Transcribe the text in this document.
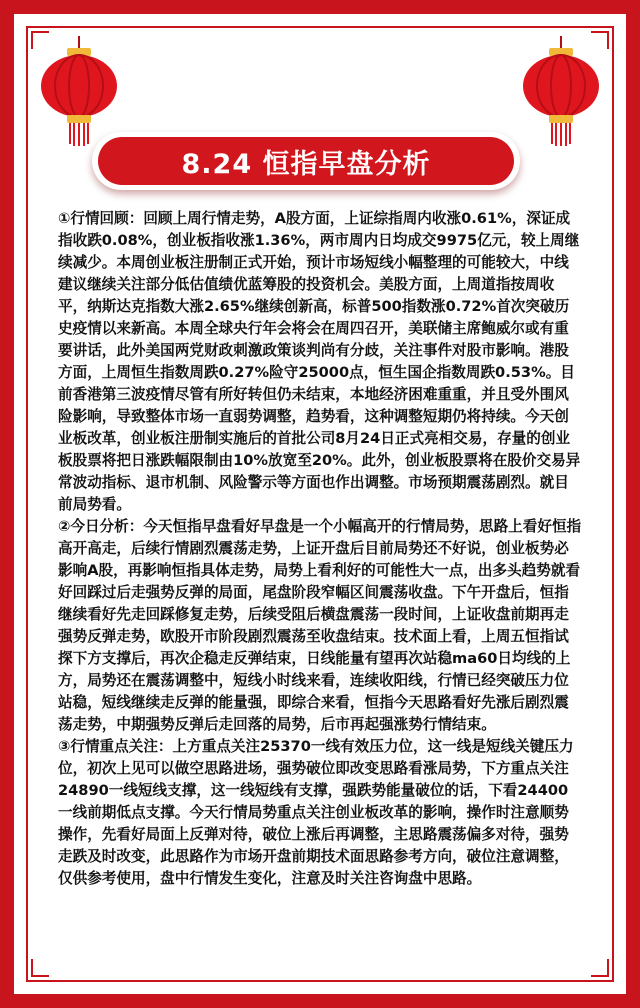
8.24 恒指早盘分析

①行情回顾：回顾上周行情走势，A股方面，上证综指周内收涨0.61%，深证成指收跌0.08%，创业板指收涨1.36%，两市周内日均成交9975亿元，较上周继续减少。本周创业板注册制正式开始，预计市场短线小幅整理的可能较大，中线建议继续关注部分低估值绩优蓝筹股的投资机会。美股方面，上周道指按周收平，纳斯达克指数大涨2.65%继续创新高，标普500指数涨0.72%首次突破历史疫情以来新高。本周全球央行年会将会在周四召开，美联储主席鲍威尔或有重要讲话，此外美国两党财政刺激政策谈判尚有分歧，关注事件对股市影响。港股方面，上周恒生指数周跌0.27%险守25000点，恒生国企指数周跌0.53%。目前香港第三波疫情尽管有所好转但仍未结束，本地经济困难重重，并且受外围风险影响，导致整体市场一直弱势调整，趋势看，这种调整短期仍将持续。今天创业板改革，创业板注册制实施后的首批公司8月24日正式亮相交易，存量的创业板股票将把日涨跌幅限制由10%放宽至20%。此外，创业板股票将在股价交易异常波动指标、退市机制、风险警示等方面也作出调整。市场预期震荡剧烈。就目前局势看。

②今日分析：今天恒指早盘看好早盘是一个小幅高开的行情局势，思路上看好恒指高开高走，后续行情剧烈震荡走势，上证开盘后目前局势还不好说，创业板势必影响A股，再影响恒指具体走势，局势上看利好的可能性大一点，出多头趋势就看好回踩过后走强势反弹的局面，尾盘阶段窄幅区间震荡收盘。下午开盘后，恒指继续看好先走回踩修复走势，后续受阻后横盘震荡一段时间，上证收盘前期再走强势反弹走势，欧股开市阶段剧烈震荡至收盘结束。技术面上看，上周五恒指试探下方支撑后，再次企稳走反弹结束，日线能量有望再次站稳ma60日均线的上方，局势还在震荡调整中，短线小时线来看，连续收阳线，行情已经突破压力位站稳，短线继续走反弹的能量强，即综合来看，恒指今天思路看好先涨后剧烈震荡走势，中期强势反弹后走回落的局势，后市再起强涨势行情结束。

③行情重点关注：上方重点关注25370一线有效压力位，这一线是短线关键压力位，初次上见可以做空思路进场，强势破位即改变思路看涨局势，下方重点关注24890一线短线支撑，这一线短线有支撑，强跌势能量破位的话，下看24400一线前期低点支撑。今天行情局势重点关注创业板改革的影响，操作时注意顺势操作，先看好局面上反弹对待，破位上涨后再调整，主思路震荡偏多对待，强势走跌及时改变，此思路作为市场开盘前期技术面思路参考方向，破位注意调整，仅供参考使用，盘中行情发生变化，注意及时关注咨询盘中思路。
